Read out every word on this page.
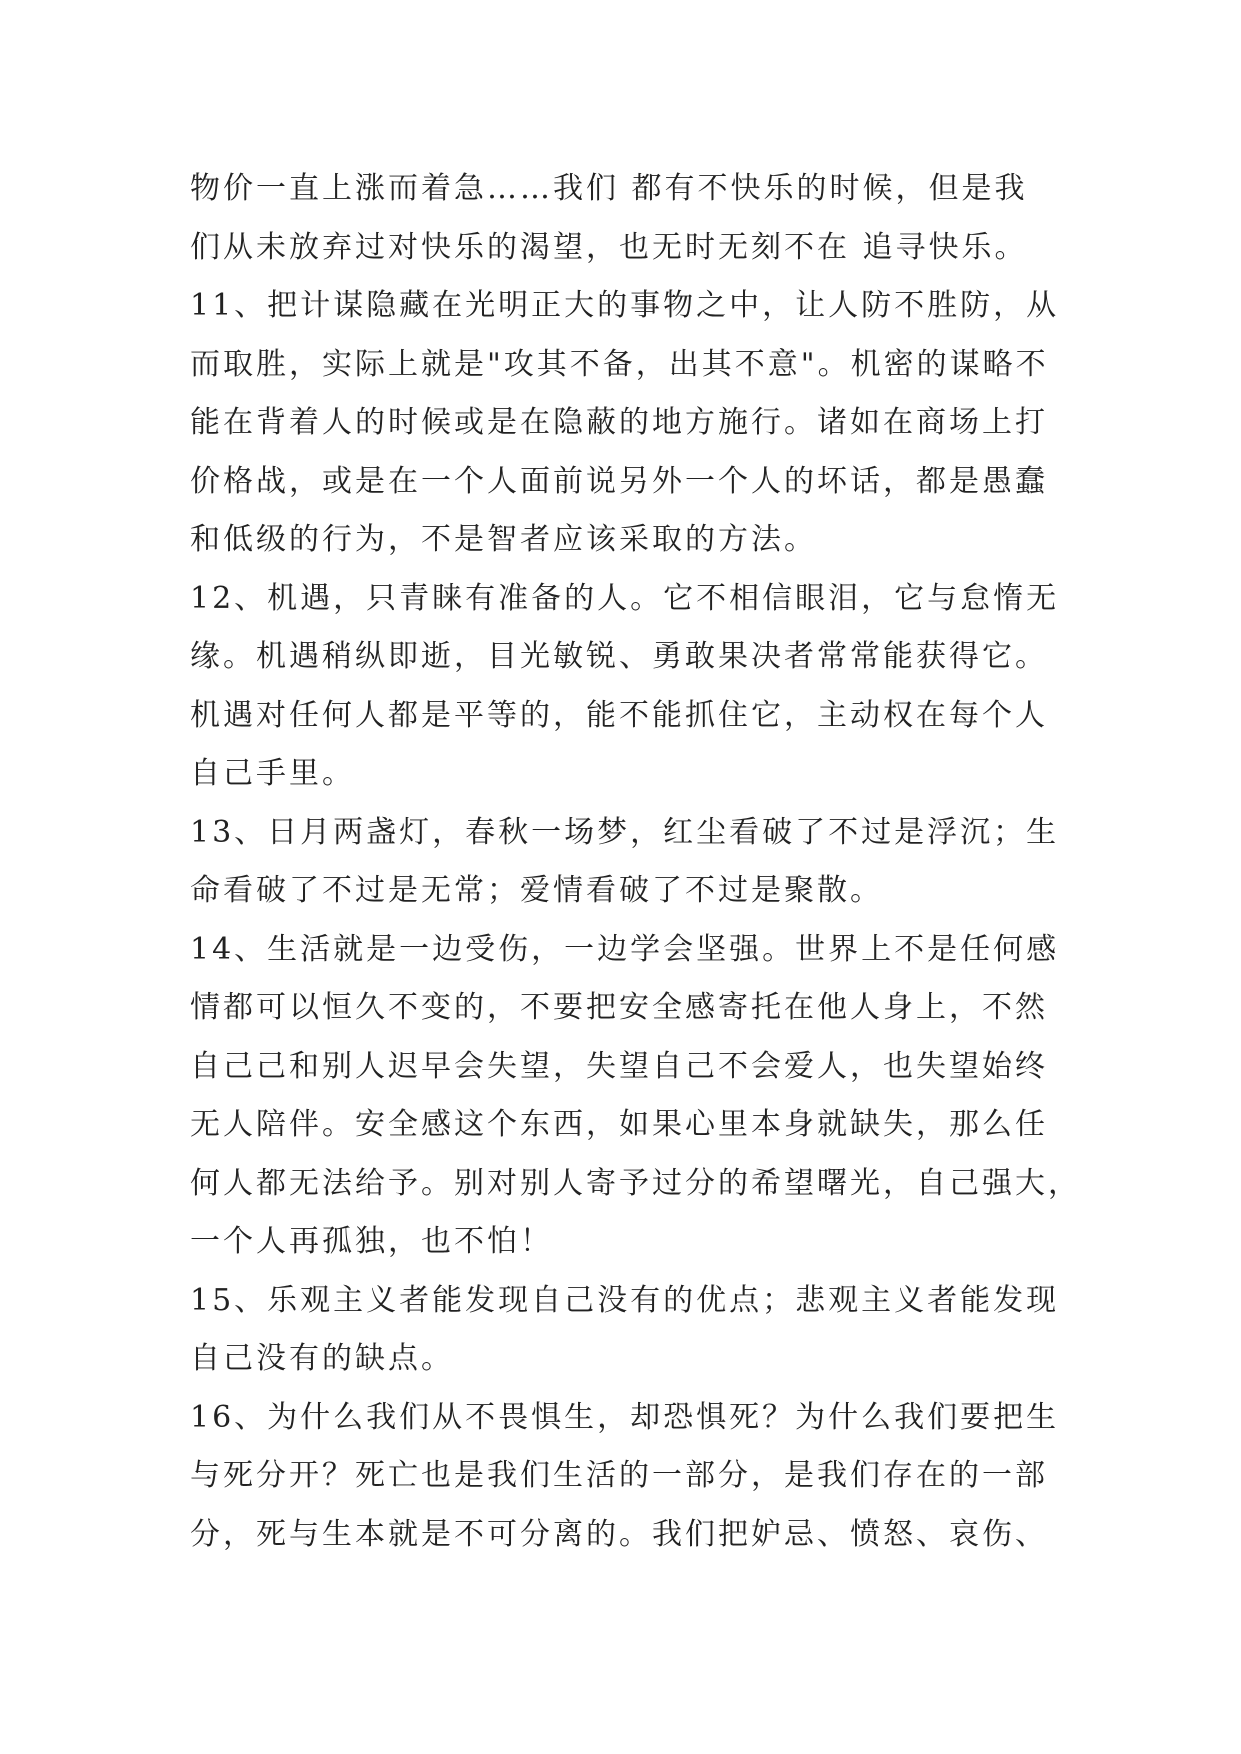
物价一直上涨而着急……我们 都有不快乐的时候，但是我
们从未放弃过对快乐的渴望，也无时无刻不在 追寻快乐。
11、把计谋隐藏在光明正大的事物之中，让人防不胜防，从
而取胜，实际上就是"攻其不备，出其不意"。机密的谋略不
能在背着人的时候或是在隐蔽的地方施行。诸如在商场上打
价格战，或是在一个人面前说另外一个人的坏话，都是愚蠢
和低级的行为，不是智者应该采取的方法。
12、机遇，只青睐有准备的人。它不相信眼泪，它与怠惰无
缘。机遇稍纵即逝，目光敏锐、勇敢果决者常常能获得它。
机遇对任何人都是平等的，能不能抓住它，主动权在每个人
自己手里。
13、日月两盏灯，春秋一场梦，红尘看破了不过是浮沉；生
命看破了不过是无常；爱情看破了不过是聚散。
14、生活就是一边受伤，一边学会坚强。世界上不是任何感
情都可以恒久不变的，不要把安全感寄托在他人身上，不然
自己己和别人迟早会失望，失望自己不会爱人，也失望始终
无人陪伴。安全感这个东西，如果心里本身就缺失，那么任
何人都无法给予。别对别人寄予过分的希望曙光，自己强大，
一个人再孤独，也不怕！
15、乐观主义者能发现自己没有的优点；悲观主义者能发现
自己没有的缺点。
16、为什么我们从不畏惧生，却恐惧死？为什么我们要把生
与死分开？死亡也是我们生活的一部分，是我们存在的一部
分，死与生本就是不可分离的。我们把妒忌、愤怒、哀伤、
